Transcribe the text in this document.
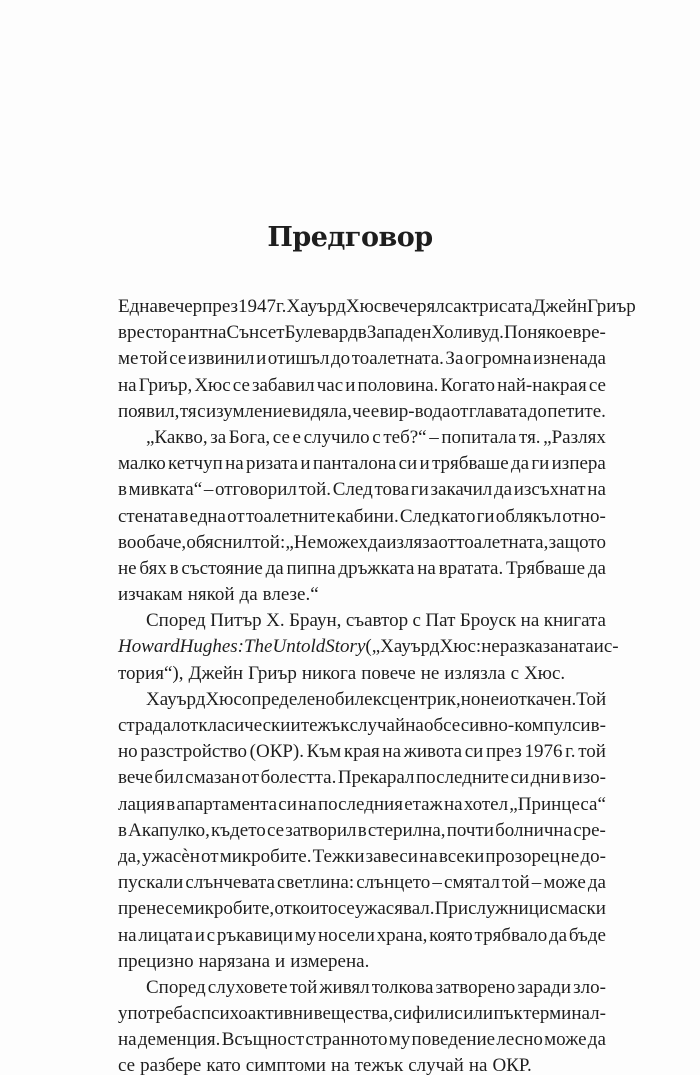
Предговор
Една вечер през 1947 г. Хауърд Хюс вечерял с актрисата Джейн Гриър
в ресторант на Сънсет Булевард в Западен Холивуд. По някое вре-
ме той се извинил и отишъл до тоалетната. За огромна изненада
на Гриър, Хюс се забавил час и половина. Когато най-накрая се
появил, тя с изумление видяла, че е вир-вода от главата до петите.
„Какво, за Бога, се е случило с теб?“ – попитала тя. „Разлях
малко кетчуп на ризата и панталона си и трябваше да ги изпера
в мивката“ – отговорил той. След това ги закачил да изсъхнат на
стената в една от тоалетните кабини. След като ги облякъл отно-
во обаче, обяснил той: „Не можех да изляза от тоалетната, защото
не бях в състояние да пипна дръжката на вратата. Трябваше да
изчакам някой да влезе.“
Според Питър Х. Браун, съавтор с Пат Броуск на книгата
Howard Hughes: The Untold Story („Хауърд Хюс: неразказаната ис-
тория“), Джейн Гриър никога повече не излязла с Хюс.
Хауърд Хюс определено бил ексцентрик, но не и откачен. Той
страдал от класически и тежък случай на обсесивно-компулсив-
но разстройство (ОКР). Към края на живота си през 1976 г. той
вече бил смазан от болестта. Прекарал последните си дни в изо-
лация в апартамента си на последния етаж на хотел „Принцеса“
в Акапулко, където се затворил в стерилна, почти болнична сре-
да, ужасѐн от микробите. Тежки завеси на всеки прозорец не до-
пускали слънчевата светлина: слънцето – смятал той – може да
пренесе микробите, от които се ужасявал. Прислужници с маски
на лицата и с ръкавици му носели храна, която трябвало да бъде
прецизно нарязана и измерена.
Според слуховете той живял толкова затворено заради зло-
употреба с психоактивни вещества, сифилис или пък терминал-
на деменция. Всъщност странното му поведение лесно може да
се разбере като симптоми на тежък случай на ОКР.
